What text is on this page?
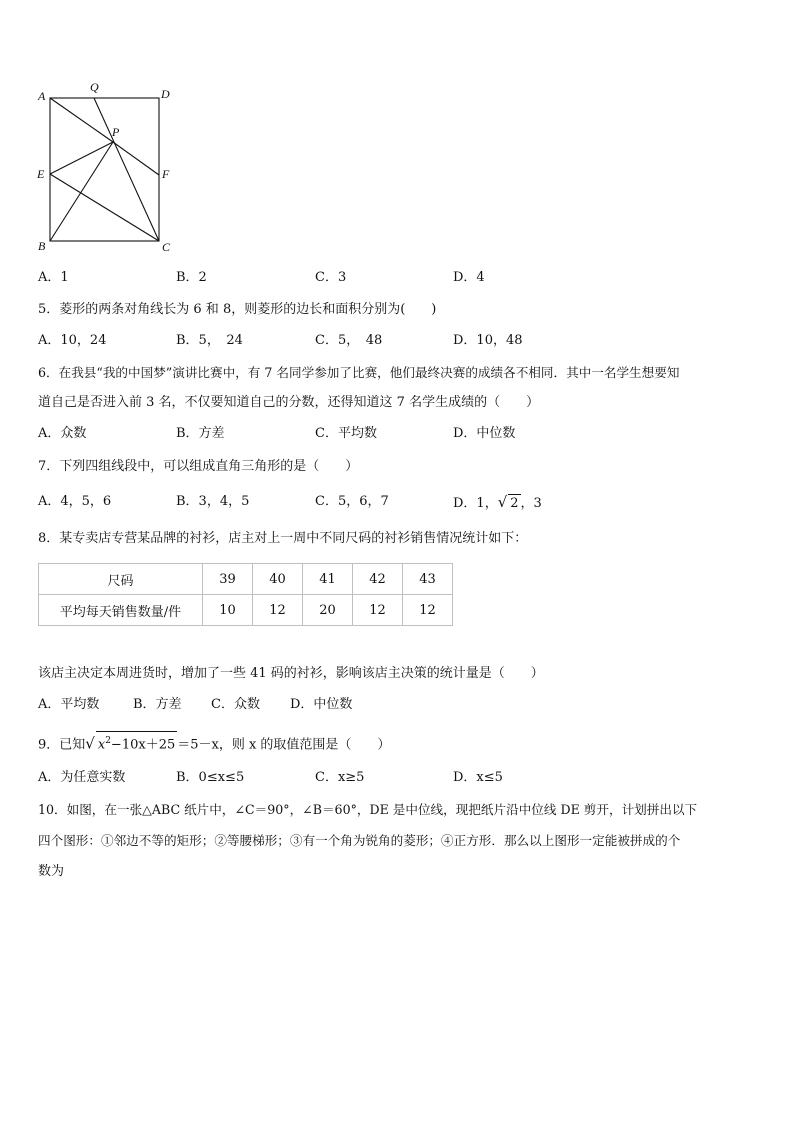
A
Q	D
P
E	F
B	C
A．1	B．2	C．3	D．4
5．菱形的两条对角线长为 6 和 8，则菱形的边长和面积分别为(　　)
A．10，24	B．5，　24	C．5，　48	D．10，48
6．在我县“我的中国梦”演讲比赛中，有 7 名同学参加了比赛，他们最终决赛的成绩各不相同．其中一名学生想要知
道自己是否进入前 3 名，不仅要知道自己的分数，还得知道这 7 名学生成绩的（　　）
A．众数	B．方差	C．平均数	D．中位数
7．下列四组线段中，可以组成直角三角形的是（　　）
A．4，5，6	B．3，4，5	C．5，6，7	D．1，√ 2 ，3
8．某专卖店专营某品牌的衬衫，店主对上一周中不同尺码的衬衫销售情况统计如下：
尺码	39	40	41	42	43
平均每天销售数量/件	10	12	20	12	12
该店主决定本周进货时，增加了一些 41 码的衬衫，影响该店主决策的统计量是（　　）
A．平均数	B．方差 C．众数 D．中位数
9．已知√ $x^2-10x+25 =5-x$，则 x 的取值范围是（　　）
A．为任意实数	B．0≤x≤5	C．x≥5	D．x≤5
10．如图，在一张△ABC 纸片中，∠C＝90°，∠B＝60°，DE 是中位线，现把纸片沿中位线 DE 剪开，计划拼出以下
四个图形：①邻边不等的矩形；②等腰梯形；③有一个角为锐角的菱形；④正方形．那么以上图形一定能被拼成的个
数为
